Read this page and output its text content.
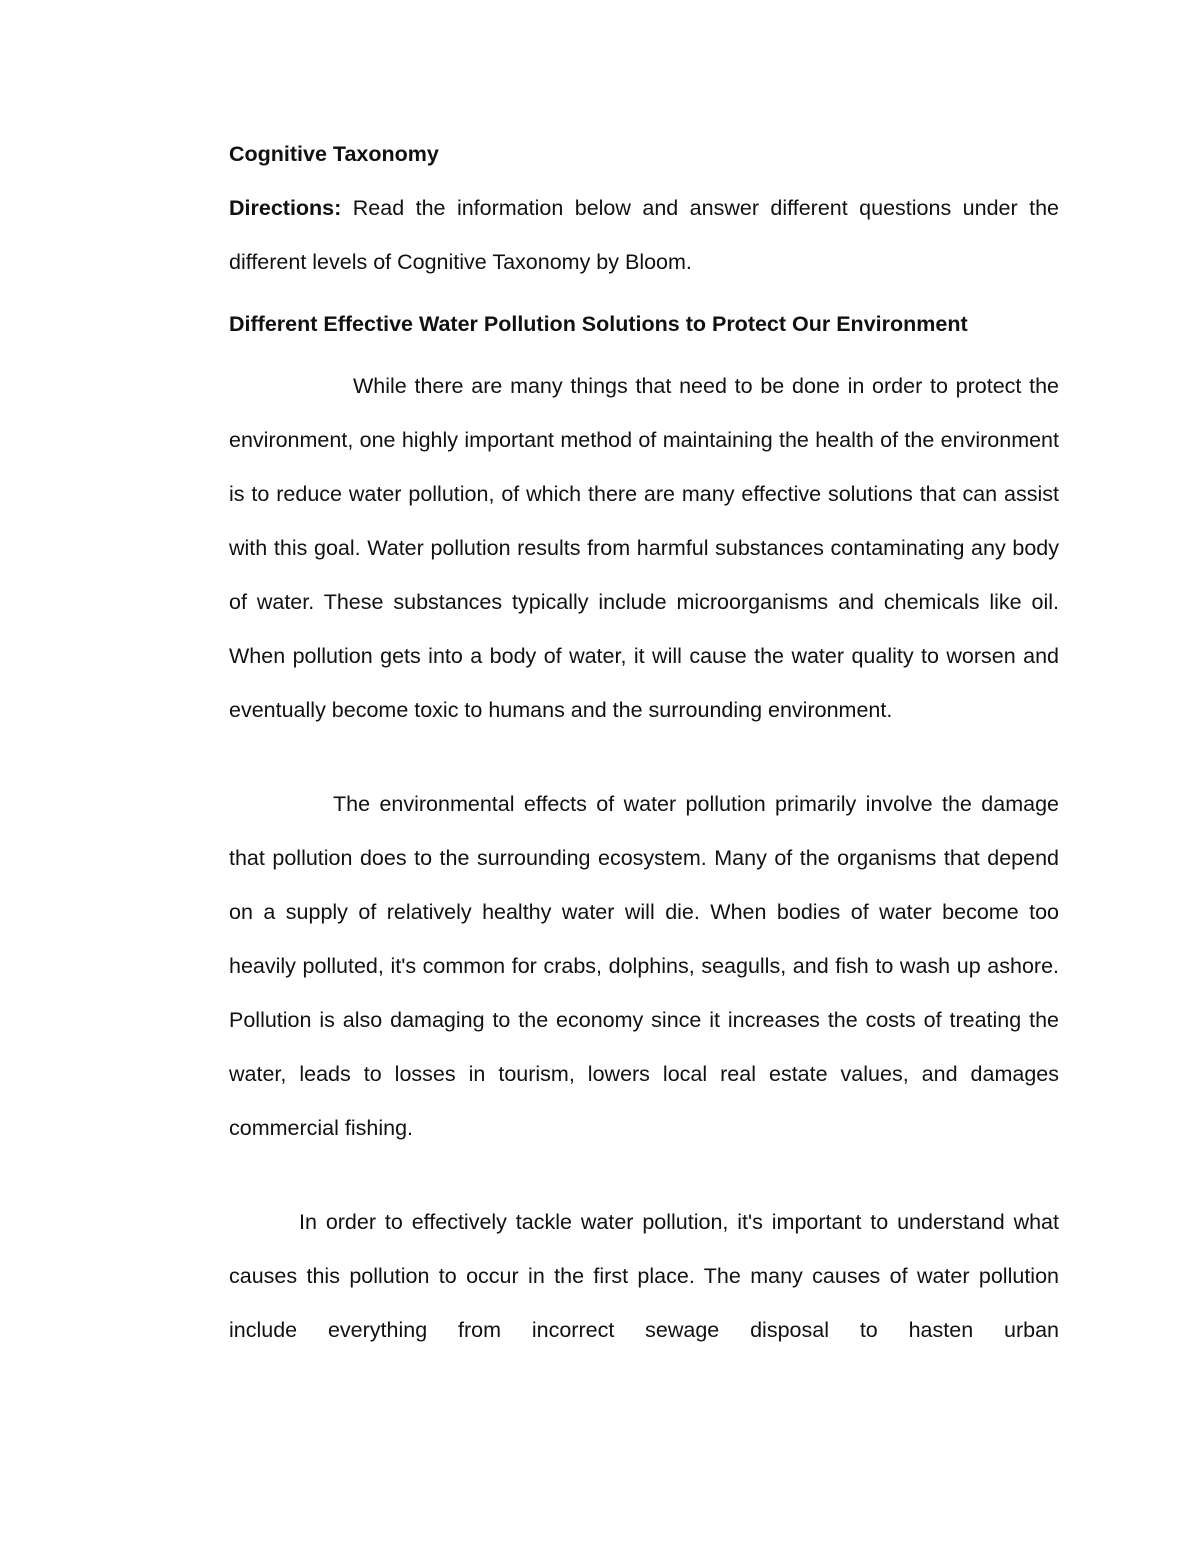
Cognitive Taxonomy

Directions: Read the information below and answer different questions under the different levels of Cognitive Taxonomy by Bloom.

Different Effective Water Pollution Solutions to Protect Our Environment

While there are many things that need to be done in order to protect the environment, one highly important method of maintaining the health of the environment is to reduce water pollution, of which there are many effective solutions that can assist with this goal. Water pollution results from harmful substances contaminating any body of water. These substances typically include microorganisms and chemicals like oil. When pollution gets into a body of water, it will cause the water quality to worsen and eventually become toxic to humans and the surrounding environment.

The environmental effects of water pollution primarily involve the damage that pollution does to the surrounding ecosystem. Many of the organisms that depend on a supply of relatively healthy water will die. When bodies of water become too heavily polluted, it's common for crabs, dolphins, seagulls, and fish to wash up ashore. Pollution is also damaging to the economy since it increases the costs of treating the water, leads to losses in tourism, lowers local real estate values, and damages commercial fishing.

In order to effectively tackle water pollution, it's important to understand what causes this pollution to occur in the first place. The many causes of water pollution include everything from incorrect sewage disposal to hasten urban
